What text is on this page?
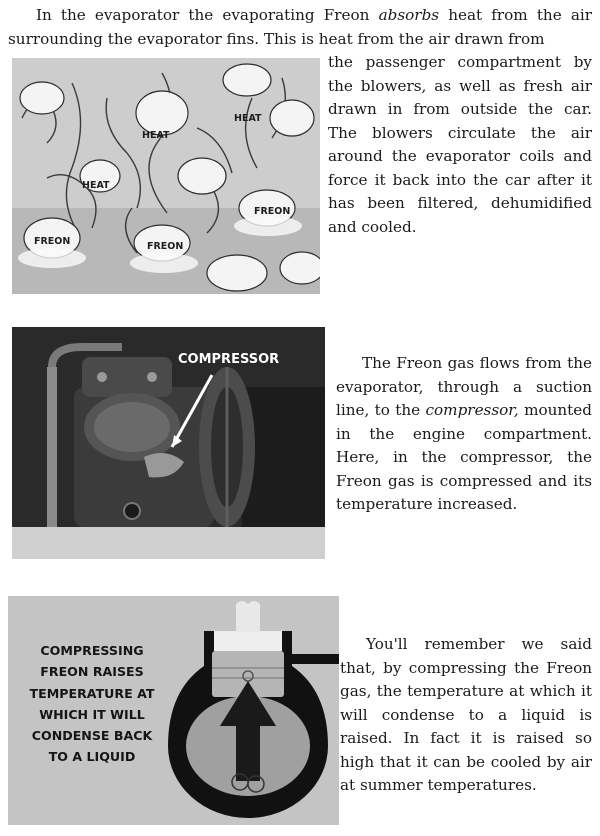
In the evaporator the evaporating Freon absorbs heat from the air surrounding the evaporator fins. This is heat from the air drawn from

HEAT
HEAT
HEAT
FREON
FREON	FREON

the passenger compartment by the blowers, as well as fresh air drawn in from outside the car. The blowers circulate the air around the evaporator coils and force it back into the car after it has been filtered, dehumidified and cooled.

COMPRESSOR	The Freon gas flows from the evaporator, through a suction line, to the compressor, mounted in the engine compartment. Here, in the compressor, the Freon gas is compressed and its temperature increased.

COMPRESSING
FREON RAISES
TEMPERATURE AT
WHICH IT WILL
CONDENSE BACK
TO A LIQUID

You'll remember we said that, by compressing the Freon gas, the temperature at which it will condense to a liquid is raised. In fact it is raised so high that it can be cooled by air at summer temperatures.
